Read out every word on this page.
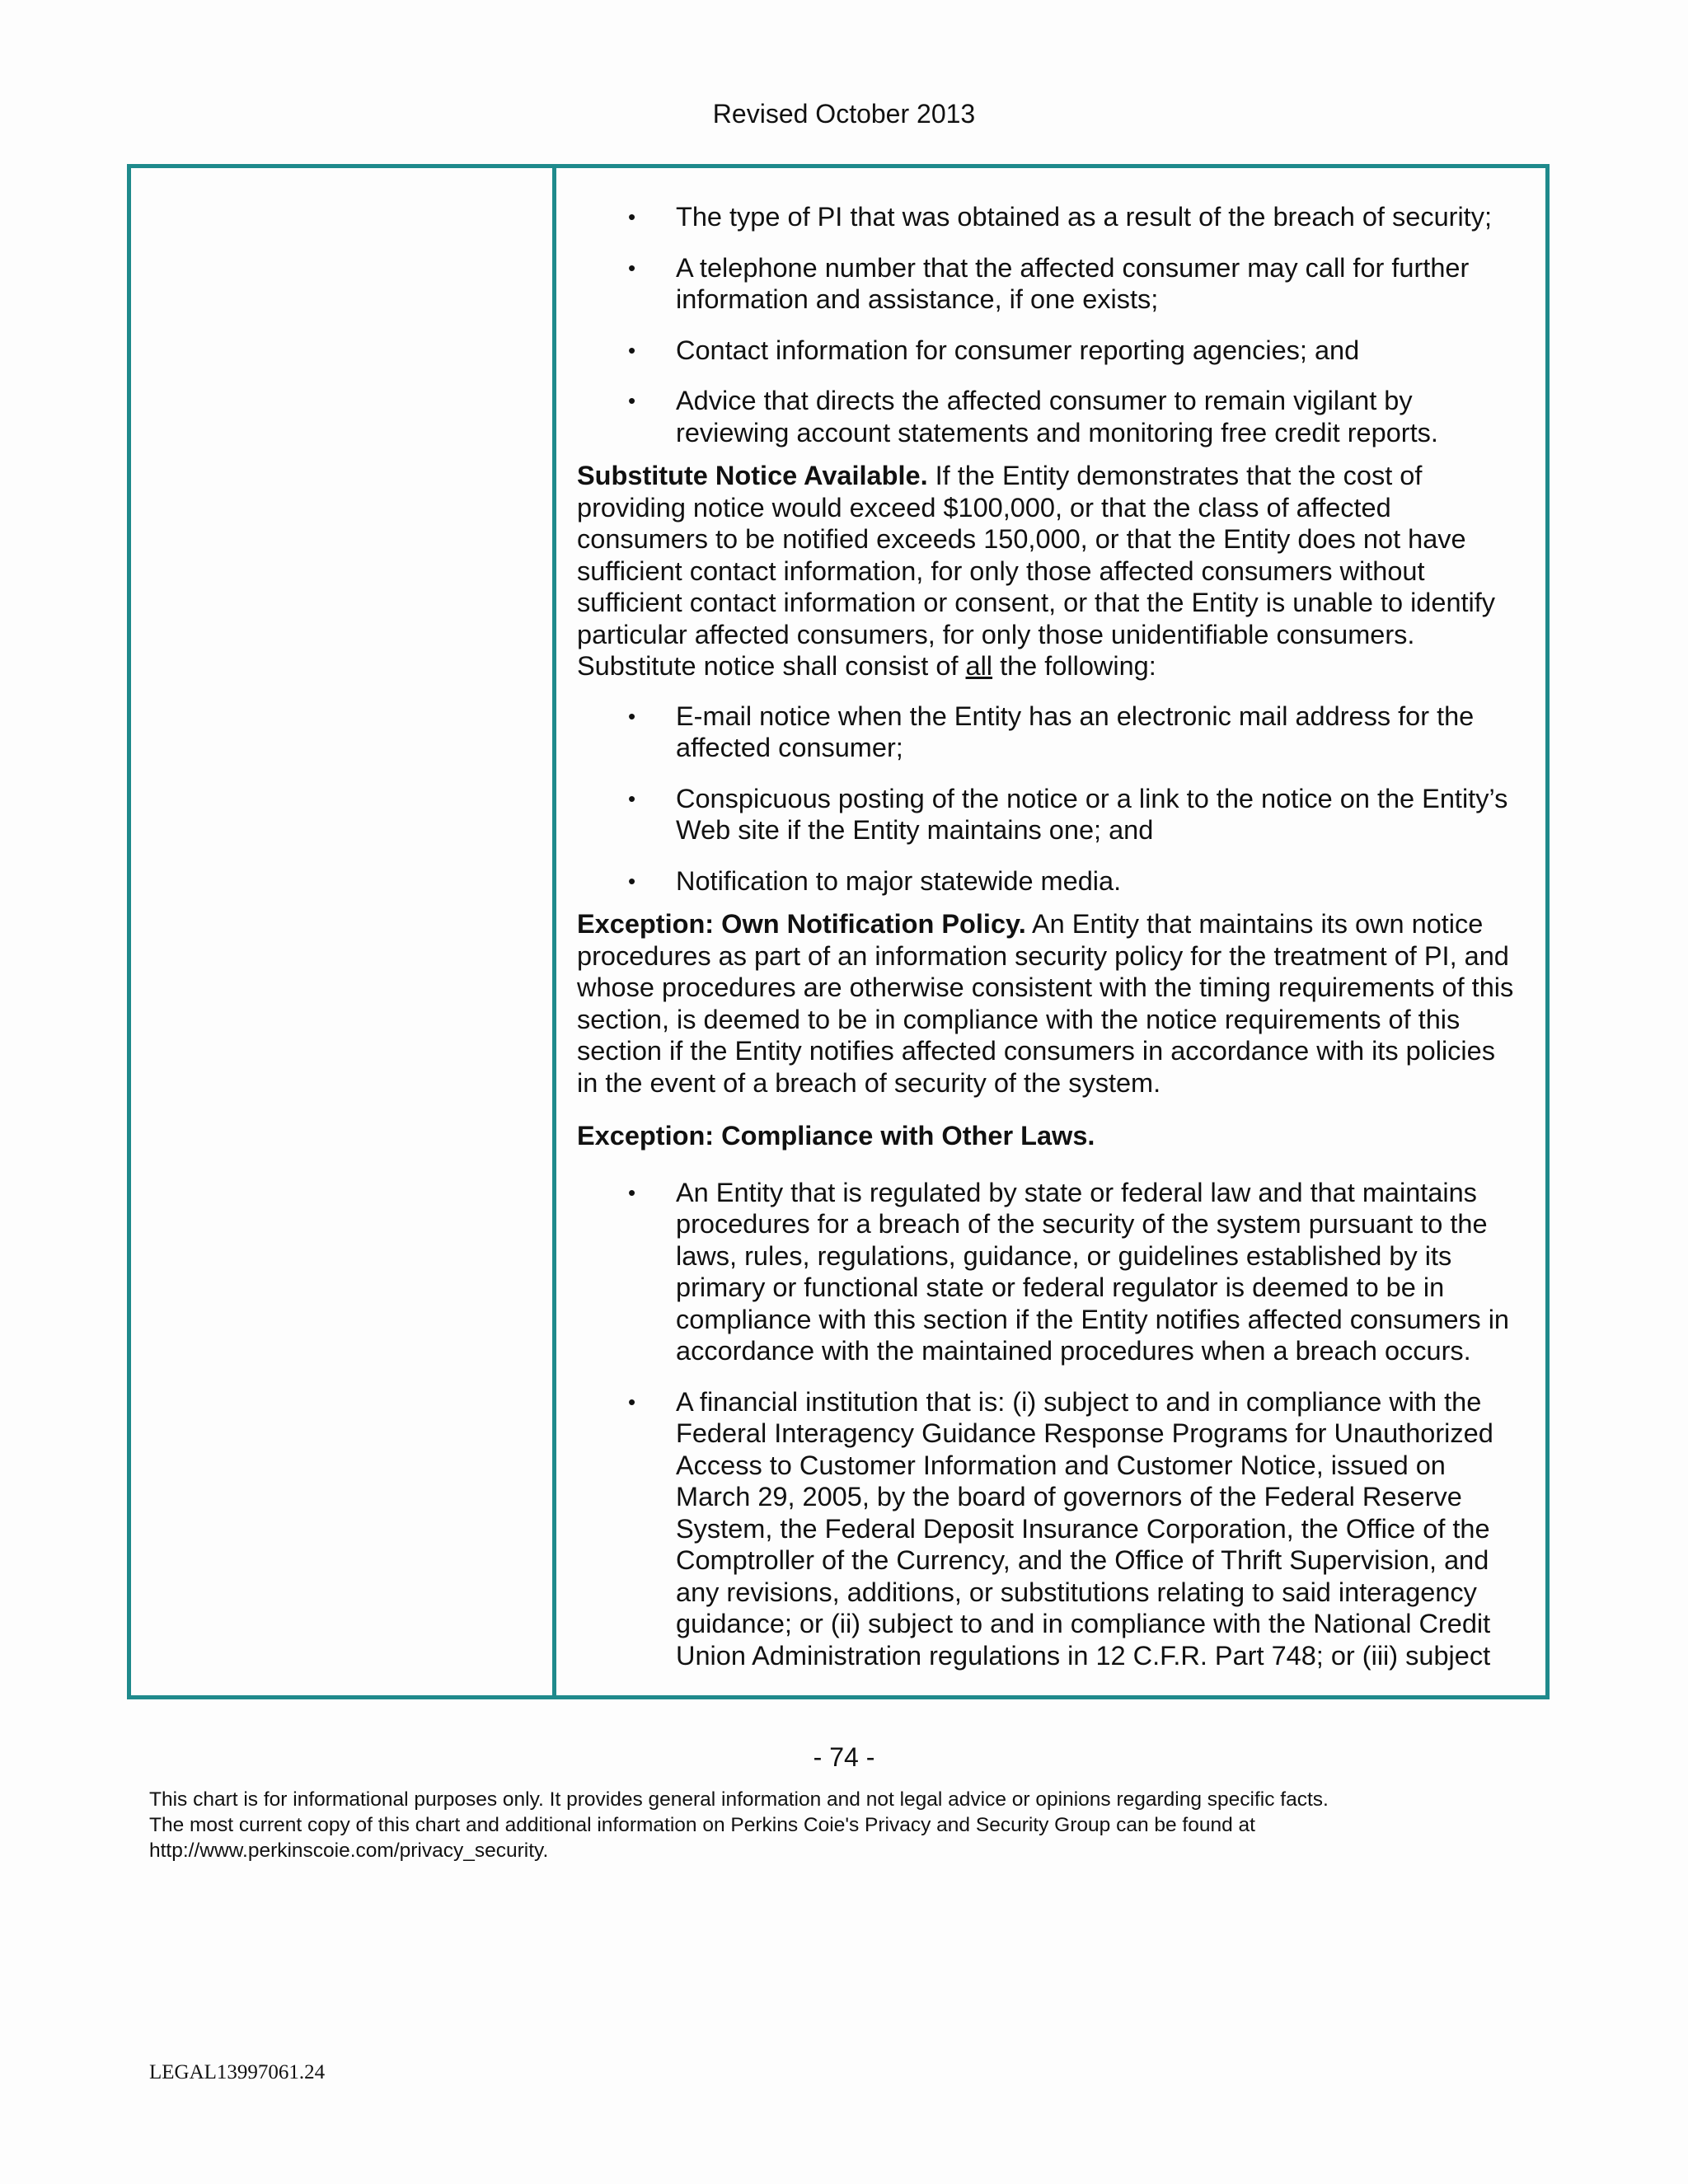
Revised October 2013
• The type of PI that was obtained as a result of the breach of security;
• A telephone number that the affected consumer may call for further information and assistance, if one exists;
• Contact information for consumer reporting agencies; and
• Advice that directs the affected consumer to remain vigilant by reviewing account statements and monitoring free credit reports.

Substitute Notice Available. If the Entity demonstrates that the cost of providing notice would exceed $100,000, or that the class of affected consumers to be notified exceeds 150,000, or that the Entity does not have sufficient contact information, for only those affected consumers without sufficient contact information or consent, or that the Entity is unable to identify particular affected consumers, for only those unidentifiable consumers. Substitute notice shall consist of all the following:

• E-mail notice when the Entity has an electronic mail address for the affected consumer;
• Conspicuous posting of the notice or a link to the notice on the Entity’s Web site if the Entity maintains one; and
• Notification to major statewide media.

Exception: Own Notification Policy. An Entity that maintains its own notice procedures as part of an information security policy for the treatment of PI, and whose procedures are otherwise consistent with the timing requirements of this section, is deemed to be in compliance with the notice requirements of this section if the Entity notifies affected consumers in accordance with its policies in the event of a breach of security of the system.

Exception: Compliance with Other Laws.

• An Entity that is regulated by state or federal law and that maintains procedures for a breach of the security of the system pursuant to the laws, rules, regulations, guidance, or guidelines established by its primary or functional state or federal regulator is deemed to be in compliance with this section if the Entity notifies affected consumers in accordance with the maintained procedures when a breach occurs.
• A financial institution that is: (i) subject to and in compliance with the Federal Interagency Guidance Response Programs for Unauthorized Access to Customer Information and Customer Notice, issued on March 29, 2005, by the board of governors of the Federal Reserve System, the Federal Deposit Insurance Corporation, the Office of the Comptroller of the Currency, and the Office of Thrift Supervision, and any revisions, additions, or substitutions relating to said interagency guidance; or (ii) subject to and in compliance with the National Credit Union Administration regulations in 12 C.F.R. Part 748; or (iii) subject
- 74 -
This chart is for informational purposes only. It provides general information and not legal advice or opinions regarding specific facts.
The most current copy of this chart and additional information on Perkins Coie's Privacy and Security Group can be found at
http://www.perkinscoie.com/privacy_security.
LEGAL13997061.24
